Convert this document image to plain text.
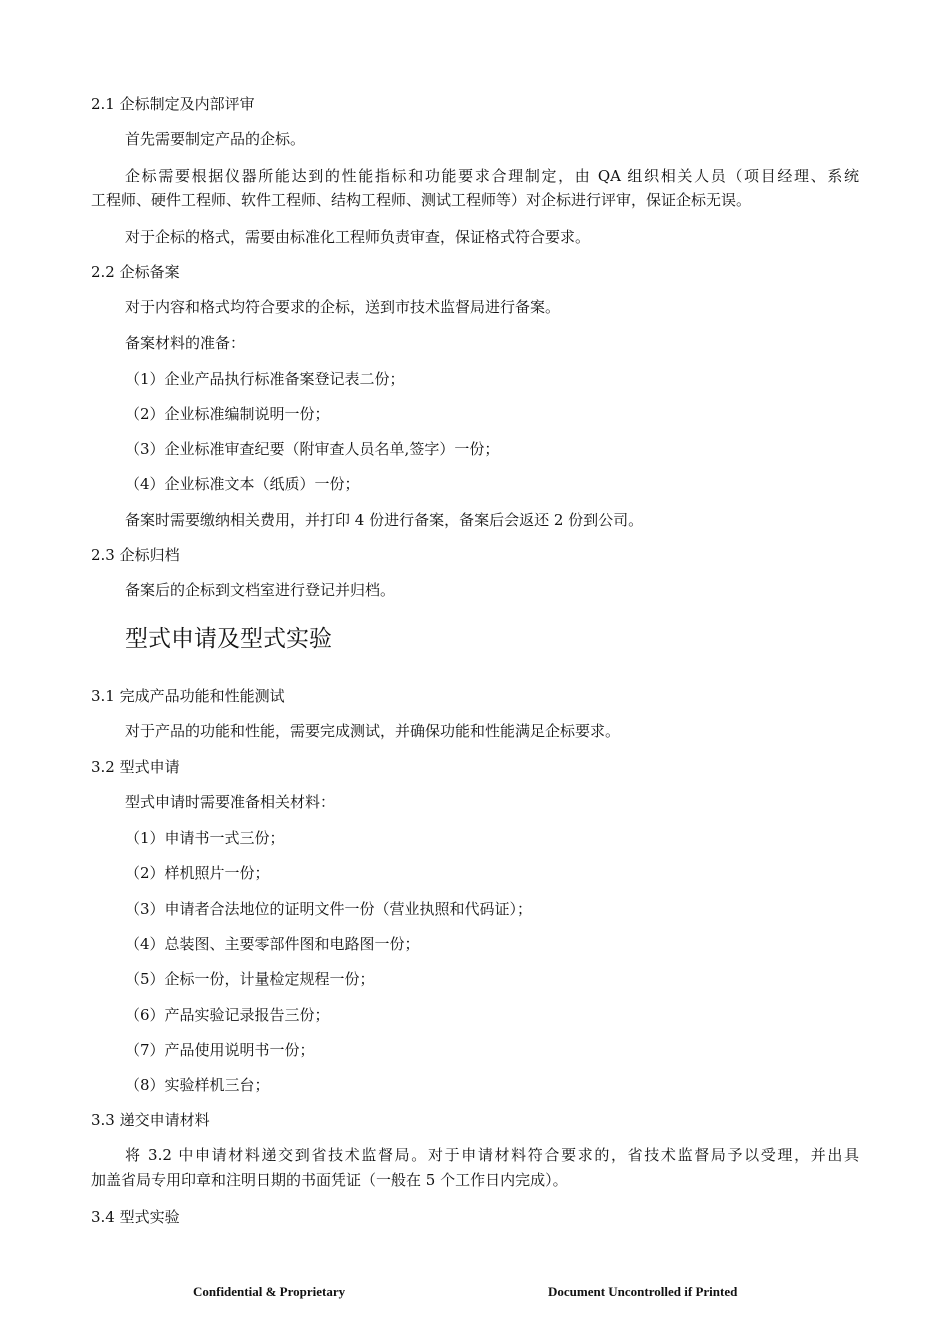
2.1 企标制定及内部评审
首先需要制定产品的企标。
企标需要根据仪器所能达到的性能指标和功能要求合理制定，由 QA 组织相关人员（项目经理、系统
工程师、硬件工程师、软件工程师、结构工程师、测试工程师等）对企标进行评审，保证企标无误。
对于企标的格式，需要由标准化工程师负责审查，保证格式符合要求。
2.2 企标备案
对于内容和格式均符合要求的企标，送到市技术监督局进行备案。
备案材料的准备：
（1）企业产品执行标准备案登记表二份；
（2）企业标准编制说明一份；
（3）企业标准审查纪要（附审查人员名单,签字）一份；
（4）企业标准文本（纸质）一份；
备案时需要缴纳相关费用，并打印 4 份进行备案，备案后会返还 2 份到公司。
2.3 企标归档
备案后的企标到文档室进行登记并归档。
型式申请及型式实验
3.1 完成产品功能和性能测试
对于产品的功能和性能，需要完成测试，并确保功能和性能满足企标要求。
3.2 型式申请
型式申请时需要准备相关材料：
（1）申请书一式三份；
（2）样机照片一份；
（3）申请者合法地位的证明文件一份（营业执照和代码证）；
（4）总装图、主要零部件图和电路图一份；
（5）企标一份，计量检定规程一份；
（6）产品实验记录报告三份；
（7）产品使用说明书一份；
（8）实验样机三台；
3.3 递交申请材料
将 3.2 中申请材料递交到省技术监督局。对于申请材料符合要求的，省技术监督局予以受理，并出具
加盖省局专用印章和注明日期的书面凭证（一般在 5 个工作日内完成）。
3.4 型式实验
Confidential & Proprietary	Document Uncontrolled if Printed
